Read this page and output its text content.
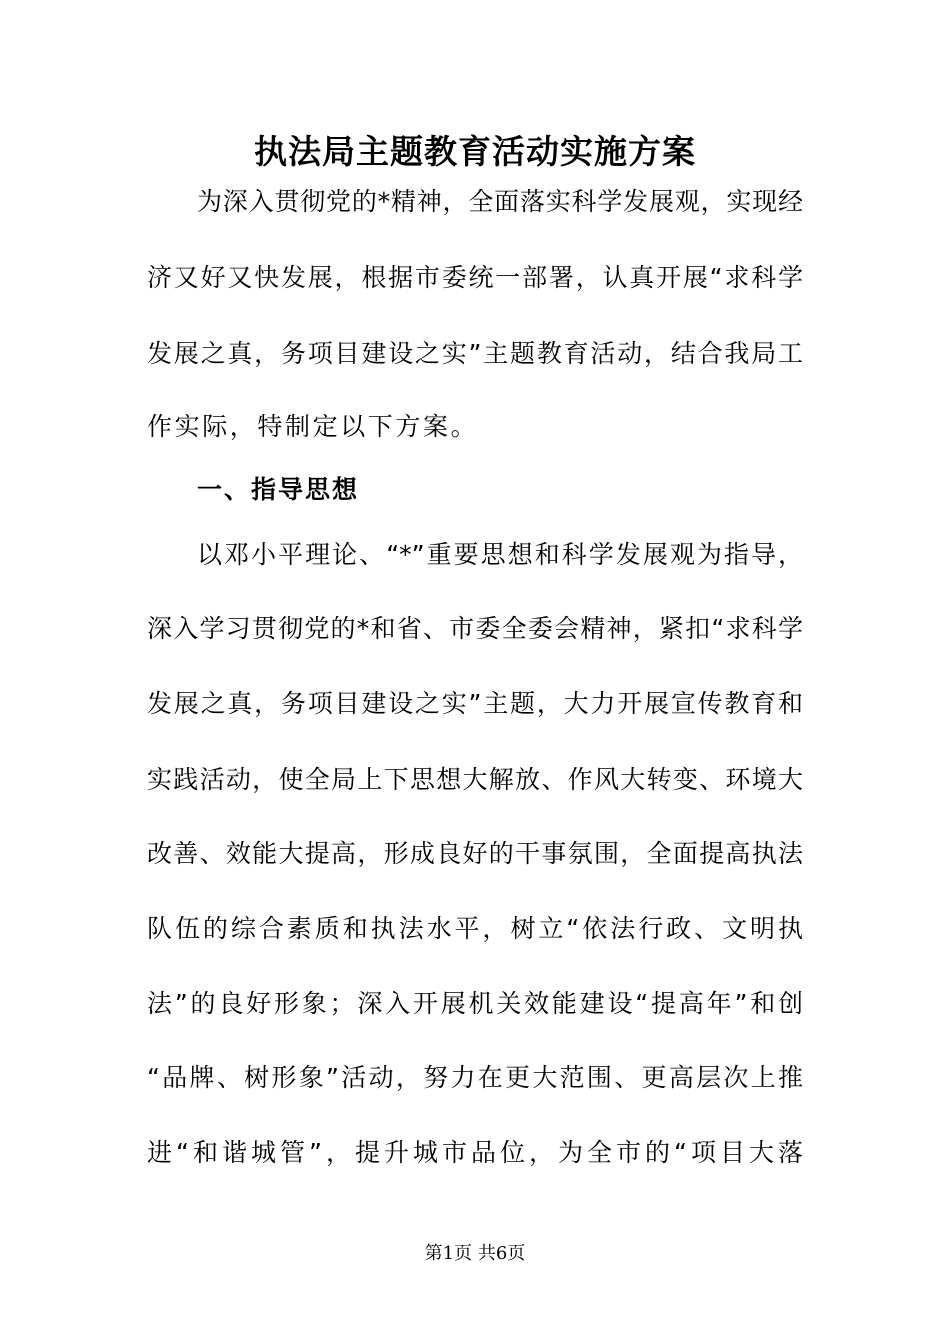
执法局主题教育活动实施方案
为深入贯彻党的*精神，全面落实科学发展观，实现经
济又好又快发展，根据市委统一部署，认真开展“求科学
发展之真，务项目建设之实”主题教育活动，结合我局工
作实际，特制定以下方案。
一、指导思想
以邓小平理论、“*”重要思想和科学发展观为指导，
深入学习贯彻党的*和省、市委全委会精神，紧扣“求科学
发展之真，务项目建设之实”主题，大力开展宣传教育和
实践活动，使全局上下思想大解放、作风大转变、环境大
改善、效能大提高，形成良好的干事氛围，全面提高执法
队伍的综合素质和执法水平，树立“依法行政、文明执
法”的良好形象；深入开展机关效能建设“提高年”和创
“品牌、树形象”活动，努力在更大范围、更高层次上推
进“和谐城管”，提升城市品位，为全市的“项目大落
第1页 共6页
